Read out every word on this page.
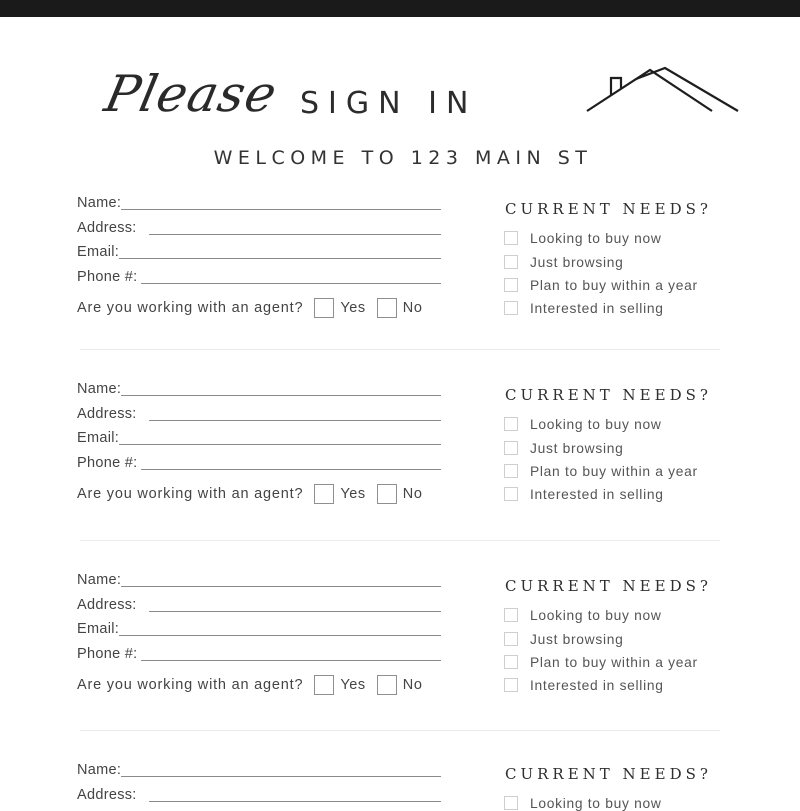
Please SIGN IN
WELCOME TO 123 MAIN ST
Name:
Address:
Email:
Phone #:
Are you working with an agent?	Yes	No
CURRENT NEEDS?
Looking to buy now
Just browsing
Plan to buy within a year
Interested in selling
Name:
Address:
Email:
Phone #:
Are you working with an agent?	Yes	No
CURRENT NEEDS?
Looking to buy now
Just browsing
Plan to buy within a year
Interested in selling
Name:
Address:
Email:
Phone #:
Are you working with an agent?	Yes	No
CURRENT NEEDS?
Looking to buy now
Just browsing
Plan to buy within a year
Interested in selling
Name:
Address:
CURRENT NEEDS?
Looking to buy now
